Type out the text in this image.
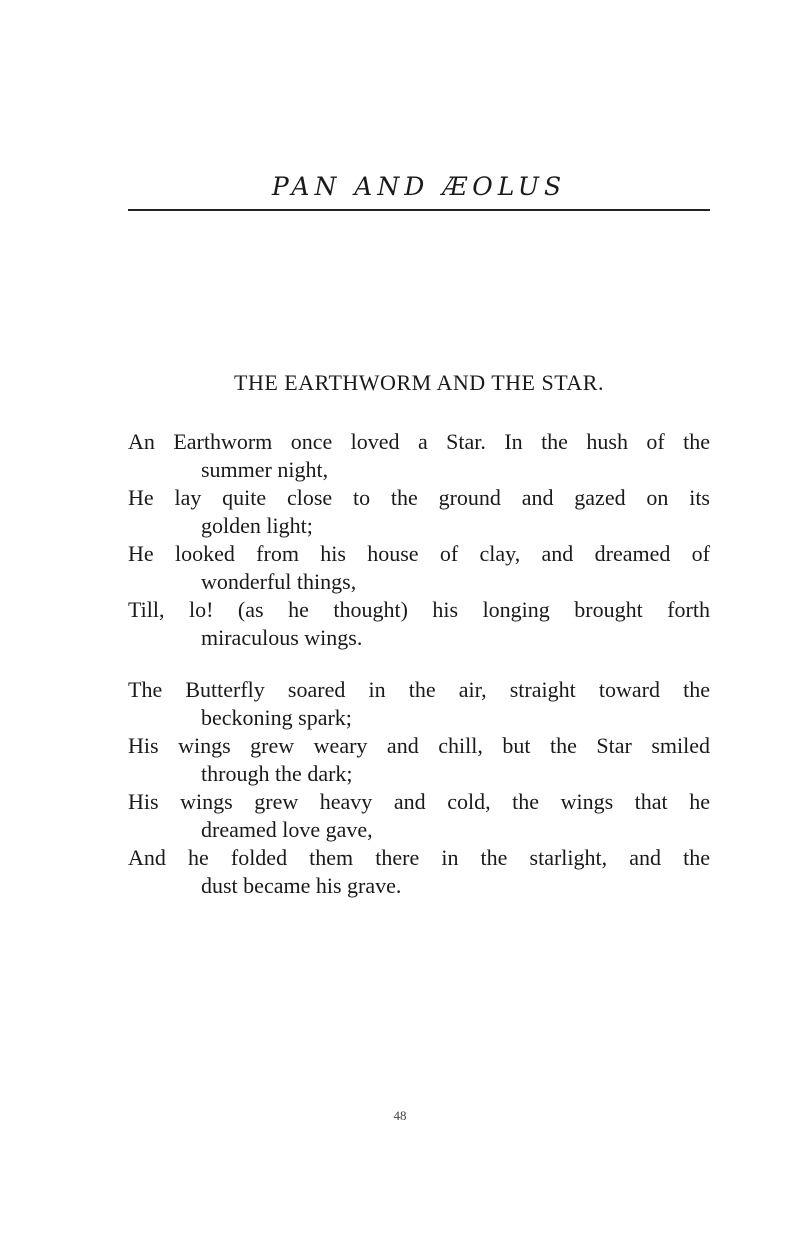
PAN AND ÆOLUS
THE EARTHWORM AND THE STAR.
An Earthworm once loved a Star. In the hush of the
summer night,
He lay quite close to the ground and gazed on its
golden light;
He looked from his house of clay, and dreamed of
wonderful things,
Till, lo! (as he thought) his longing brought forth
miraculous wings.
The Butterfly soared in the air, straight toward the
beckoning spark;
His wings grew weary and chill, but the Star smiled
through the dark;
His wings grew heavy and cold, the wings that he
dreamed love gave,
And he folded them there in the starlight, and the
dust became his grave.
48
